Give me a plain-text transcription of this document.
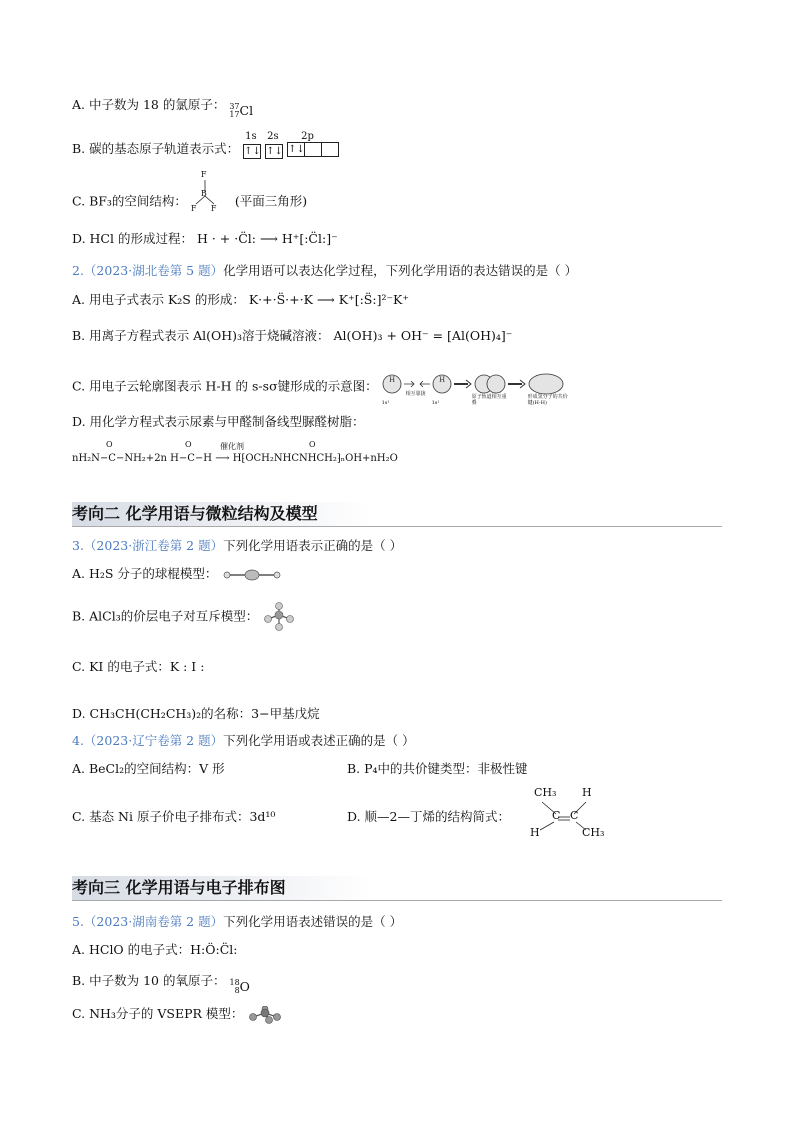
A. 中子数为 18 的氯原子： 37
17 Cl
B. 碳的基态原子轨道表示式：
1s 2s 2p
↑↓ ↑↓ ↑↓
C. BF₃的空间结构：
F
B
F F (平面三角形)
D. HCl 的形成过程： H · + ·C̈l: ⟶ H⁺[:C̈l:]⁻
2.（2023·湖北卷第 5 题）化学用语可以表达化学过程，下列化学用语的表达错误的是（ ）
A. 用电子式表示 K₂S 的形成： K·+·S̈·+·K ⟶ K⁺[:S̈:]²⁻K⁺
B. 用离子方程式表示 Al(OH)₃溶于烧碱溶液： Al(OH)₃ + OH⁻ = [Al(OH)₄]⁻
C. 用电子云轮廓图表示 H-H 的 s-sσ键形成的示意图： H	H
1s¹
相互靠拢
1s¹
原子轨道相互重叠
形成氢分子的共价键(H-H)
D. 用化学方程式表示尿素与甲醛制备线型脲醛树脂：
O	O	O
催化剂
nH₂N−C−NH₂+2n H−C−H ⟶ H⁅OCH₂NHCNHCH₂⁆ₙOH+nH₂O
考向二 化学用语与微粒结构及模型
3.（2023·浙江卷第 2 题）下列化学用语表示正确的是（ ）
A. H₂S 分子的球棍模型：
B. AlCl₃的价层电子对互斥模型：
C. KI 的电子式：K : I :
D. CH₃CH(CH₂CH₃)₂的名称：3−甲基戊烷
4.（2023·辽宁卷第 2 题）下列化学用语或表述正确的是（ ）
A. BeCl₂的空间结构：V 形	B. P₄中的共价键类型：非极性键
C. 基态 Ni 原子价电子排布式：3d¹⁰	D. 顺—2—丁烯的结构简式：
CH₃ H
C C
H	CH₃
考向三 化学用语与电子排布图
5.（2023·湖南卷第 2 题）下列化学用语表述错误的是（ ）
A. HClO 的电子式：H:Ö:C̈l:
B. 中子数为 10 的氧原子： 18
8 O
C. NH₃分子的 VSEPR 模型：
